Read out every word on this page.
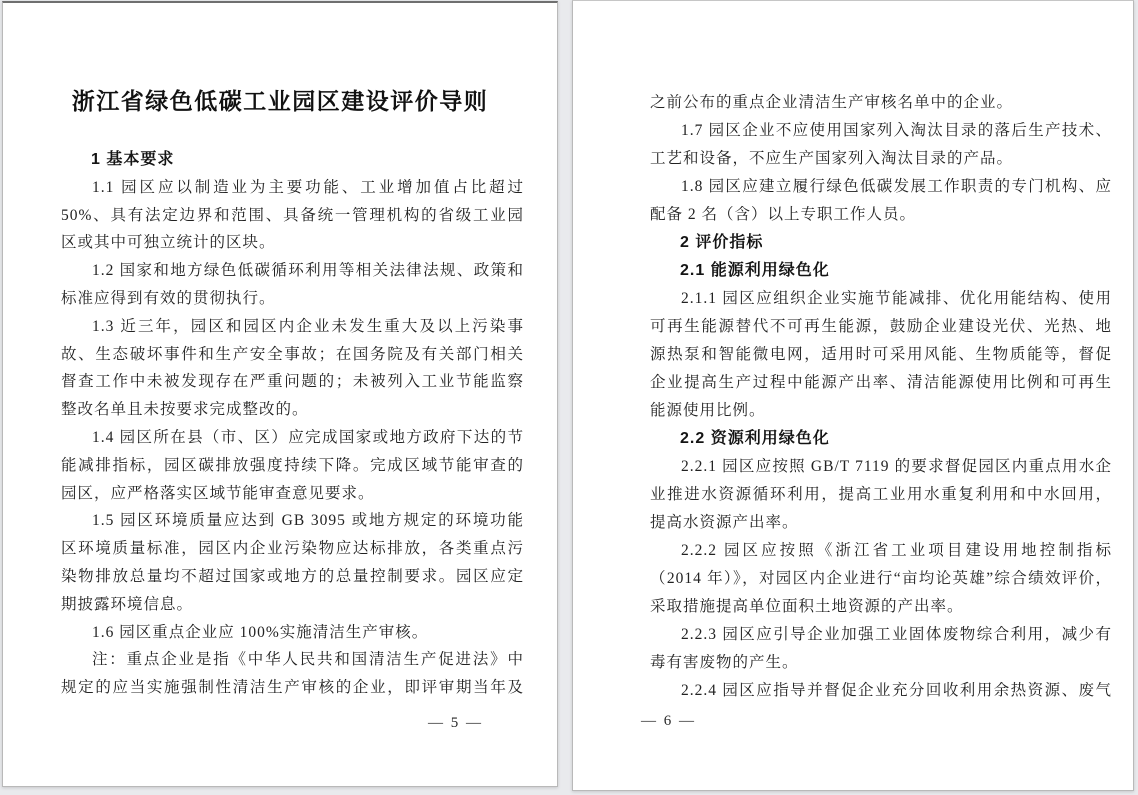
浙江省绿色低碳工业园区建设评价导则
1 基本要求
1.1 园区应以制造业为主要功能、工业增加值占比超过
50%、具有法定边界和范围、具备统一管理机构的省级工业园
区或其中可独立统计的区块。
1.2 国家和地方绿色低碳循环利用等相关法律法规、政策和
标准应得到有效的贯彻执行。
1.3 近三年，园区和园区内企业未发生重大及以上污染事
故、生态破坏事件和生产安全事故；在国务院及有关部门相关
督查工作中未被发现存在严重问题的；未被列入工业节能监察
整改名单且未按要求完成整改的。
1.4 园区所在县（市、区）应完成国家或地方政府下达的节
能减排指标，园区碳排放强度持续下降。完成区域节能审查的
园区，应严格落实区域节能审查意见要求。
1.5 园区环境质量应达到 GB 3095 或地方规定的环境功能
区环境质量标准，园区内企业污染物应达标排放，各类重点污
染物排放总量均不超过国家或地方的总量控制要求。园区应定
期披露环境信息。
1.6 园区重点企业应 100%实施清洁生产审核。
注：重点企业是指《中华人民共和国清洁生产促进法》中
规定的应当实施强制性清洁生产审核的企业，即评审期当年及
— 5 —
之前公布的重点企业清洁生产审核名单中的企业。
1.7 园区企业不应使用国家列入淘汰目录的落后生产技术、
工艺和设备，不应生产国家列入淘汰目录的产品。
1.8 园区应建立履行绿色低碳发展工作职责的专门机构、应
配备 2 名（含）以上专职工作人员。
2 评价指标
2.1 能源利用绿色化
2.1.1 园区应组织企业实施节能减排、优化用能结构、使用
可再生能源替代不可再生能源，鼓励企业建设光伏、光热、地
源热泵和智能微电网，适用时可采用风能、生物质能等，督促
企业提高生产过程中能源产出率、清洁能源使用比例和可再生
能源使用比例。
2.2 资源利用绿色化
2.2.1 园区应按照 GB/T 7119 的要求督促园区内重点用水企
业推进水资源循环利用，提高工业用水重复利用和中水回用，
提高水资源产出率。
2.2.2 园区应按照《浙江省工业项目建设用地控制指标
（2014 年）》，对园区内企业进行“亩均论英雄”综合绩效评价，
采取措施提高单位面积土地资源的产出率。
2.2.3 园区应引导企业加强工业固体废物综合利用，减少有
毒有害废物的产生。
2.2.4 园区应指导并督促企业充分回收利用余热资源、废气
— 6 —
